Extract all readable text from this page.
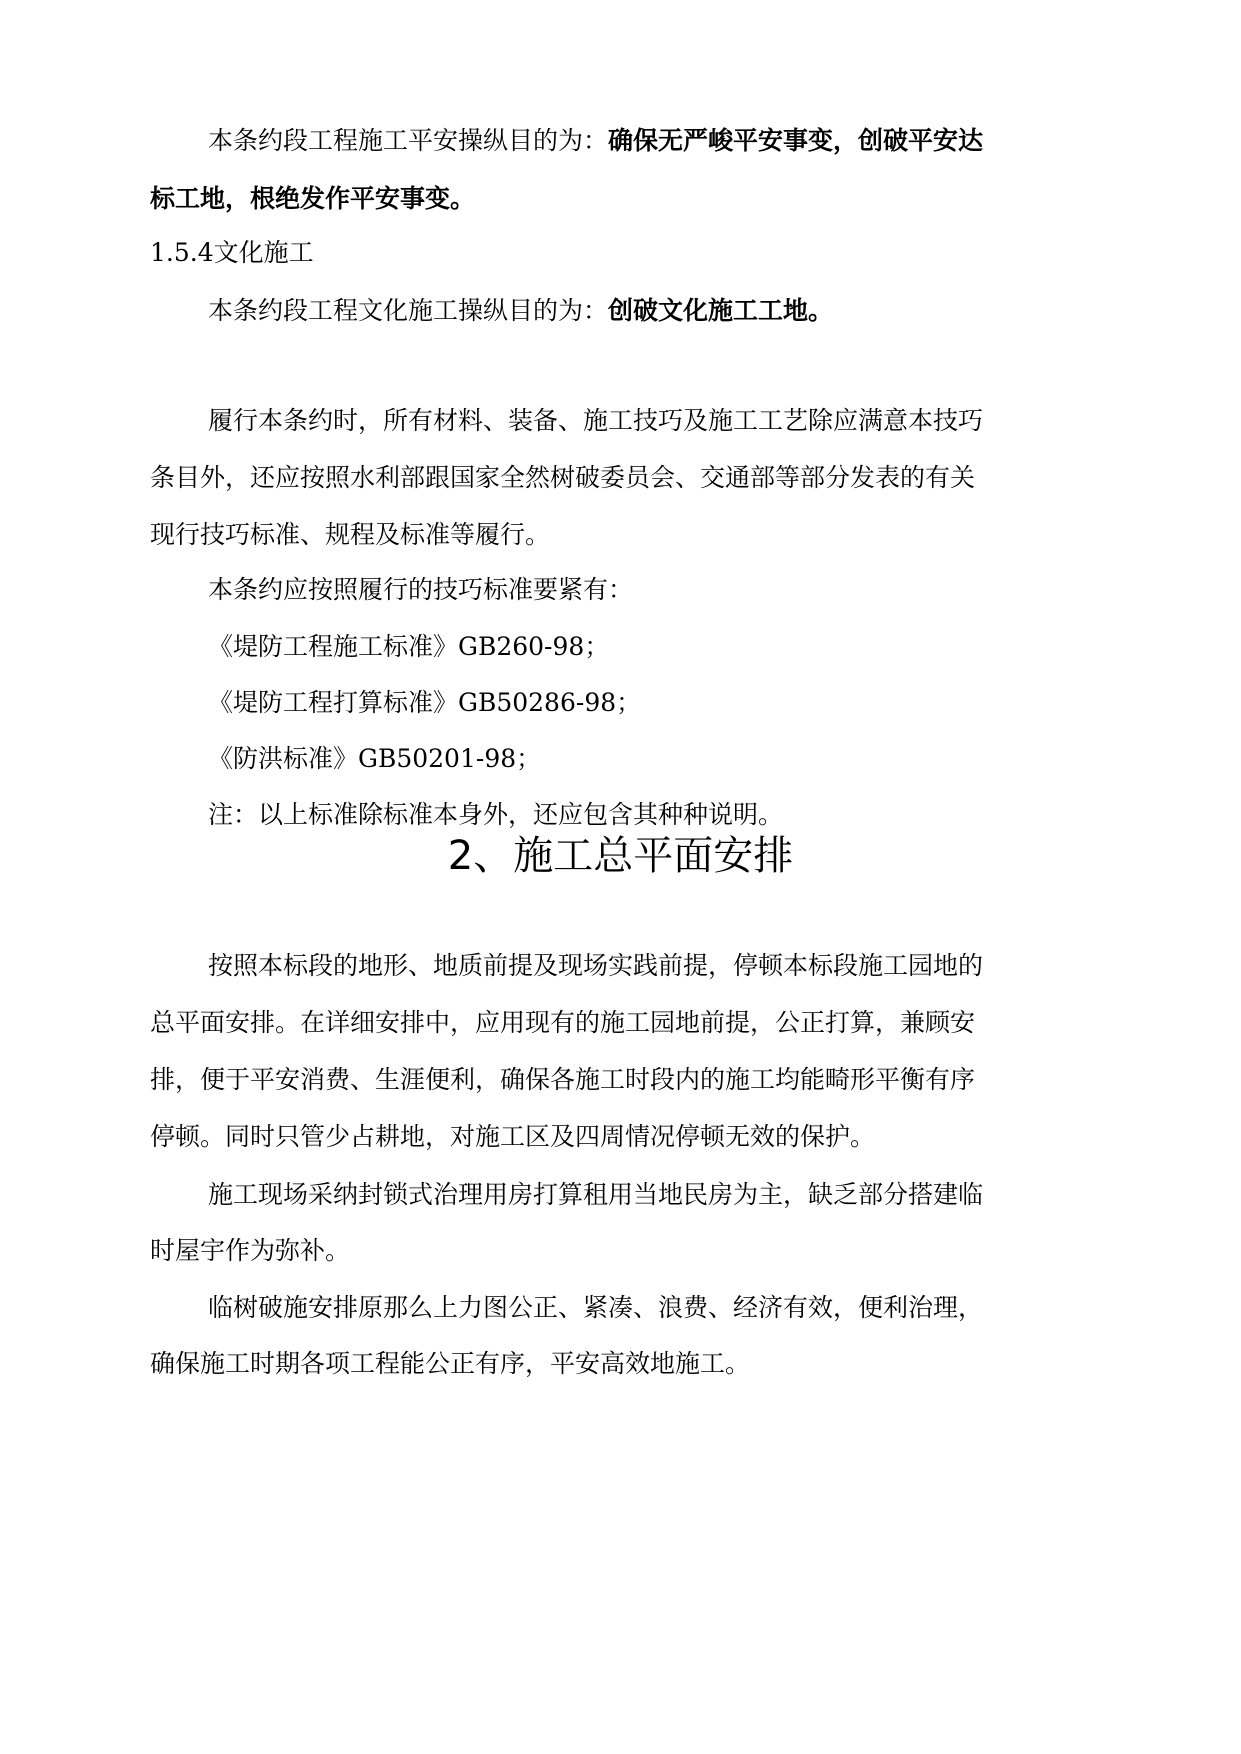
本条约段工程施工平安操纵目的为：确保无严峻平安事变，创破平安达
标工地，根绝发作平安事变。
1.5.4文化施工
本条约段工程文化施工操纵目的为：创破文化施工工地。
履行本条约时，所有材料、装备、施工技巧及施工工艺除应满意本技巧
条目外，还应按照水利部跟国家全然树破委员会、交通部等部分发表的有关
现行技巧标准、规程及标准等履行。
本条约应按照履行的技巧标准要紧有：
《堤防工程施工标准》GB260-98；
《堤防工程打算标准》GB50286-98；
《防洪标准》GB50201-98；
注：以上标准除标准本身外，还应包含其种种说明。
2、施工总平面安排
按照本标段的地形、地质前提及现场实践前提，停顿本标段施工园地的
总平面安排。在详细安排中，应用现有的施工园地前提，公正打算，兼顾安
排，便于平安消费、生涯便利，确保各施工时段内的施工均能畸形平衡有序
停顿。同时只管少占耕地，对施工区及四周情况停顿无效的保护。
施工现场采纳封锁式治理用房打算租用当地民房为主，缺乏部分搭建临
时屋宇作为弥补。
临树破施安排原那么上力图公正、紧凑、浪费、经济有效，便利治理，
确保施工时期各项工程能公正有序，平安高效地施工。
